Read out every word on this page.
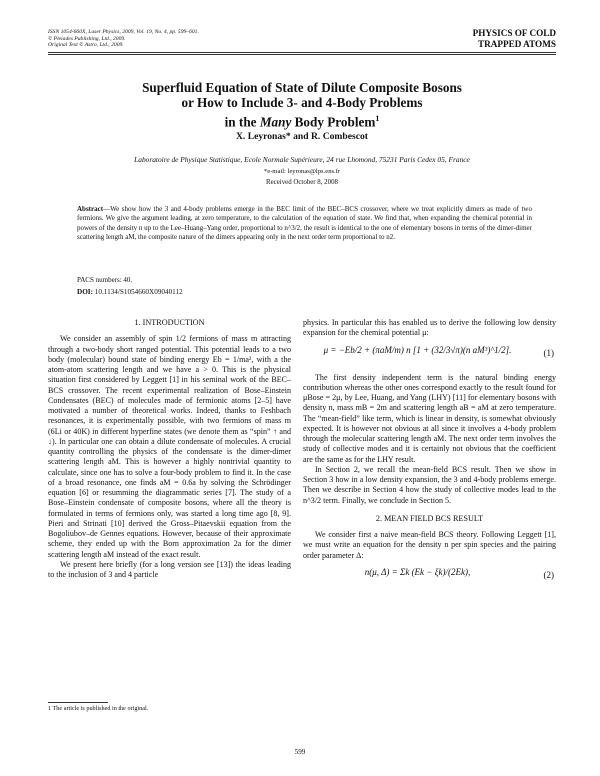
ISSN 1054-660X, Laser Physics, 2009, Vol. 19, No. 4, pp. 599–601.
© Pleiades Publishing, Ltd., 2009.
Original Text © Astro, Ltd., 2009.
PHYSICS OF COLD
TRAPPED ATOMS
Superfluid Equation of State of Dilute Composite Bosons
or How to Include 3- and 4-Body Problems
in the Many Body Problem$^1$
X. Leyronas* and R. Combescot
Laboratoire de Physique Statistique, Ecole Normale Supérieure, 24 rue Lhomond, 75231 Paris Cedex 05, France
*e-mail: leyronas@lps.ens.fr
Received October 8, 2008
Abstract—We show how the 3 and 4-body problems emerge in the BEC limit of the BEC–BCS crossover, where we treat explicitly dimers as made of two fermions. We give the argument leading, at zero temperature, to the calculation of the equation of state. We find that, when expanding the chemical potential in powers of the density n up to the Lee–Huang–Yang order, proportional to n^3/2, the result is identical to the one of elementary bosons in terms of the dimer-dimer scattering length aM, the composite nature of the dimers appearing only in the next order term proportional to n2.
PACS numbers: 40.
DOI: 10.1134/S1054660X09040112
1. INTRODUCTION

We consider an assembly of spin 1/2 fermions of mass m attracting through a two-body short ranged potential. This potential leads to a two body (molecular) bound state of binding energy Eb = 1/ma², with a the atom-atom scattering length and we have a > 0. This is the physical situation first considered by Leggett [1] in his seminal work of the BEC–BCS crossover. The recent experimental realization of Bose–Einstein Condensates (BEC) of molecules made of fermionic atoms [2–5] have motivated a number of theoretical works. Indeed, thanks to Feshbach resonances, it is experimentally possible, with two fermions of mass m (6Li or 40K) in different hyperfine states (we denote them as “spin” ↑ and ↓). In particular one can obtain a dilute condensate of molecules. A crucial quantity controlling the physics of the condensate is the dimer-dimer scattering length aM. This is however a highly nontrivial quantity to calculate, since one has to solve a four-body problem to find it. In the case of a broad resonance, one finds aM = 0.6a by solving the Schrödinger equation [6] or resumming the diagrammatic series [7]. The study of a Bose–Einstein condensate of composite bosons, where all the theory is formulated in terms of fermions only, was started a long time ago [8, 9]. Pieri and Strinati [10] derived the Gross–Pitaevskii equation from the Bogoliubov–de Gennes equations. However, because of their approximate scheme, they ended up with the Born approximation 2a for the dimer scattering length aM instead of the exact result.

We present here briefly (for a long version see [13]) the ideas leading to the inclusion of 3 and 4 particle

physics. In particular this has enabled us to derive the following low density expansion for the chemical potential μ:

μ = −Eb/2 + (πaM/m) n [1 + (32/3√π)(n aM³)^1/2].	(1)

The first density independent term is the natural binding energy contribution whereas the other ones correspond exactly to the result found for μBose = 2μ, by Lee, Huang, and Yang (LHY) [11] for elementary bosons with density n, mass mB = 2m and scattering length aB = aM at zero temperature. The “mean-field” like term, which is linear in density, is somewhat obviously expected. It is however not obvious at all since it involves a 4-body problem through the molecular scattering length aM. The next order term involves the study of collective modes and it is certainly not obvious that the coefficient are the same as for the LHY result.

In Section 2, we recall the mean-field BCS result. Then we show in Section 3 how in a low density expansion, the 3 and 4-body problems emerge. Then we describe in Section 4 how the study of collective modes lead to the n^3/2 term. Finally, we conclude in Section 5.

2. MEAN FIELD BCS RESULT

We consider first a naive mean-field BCS theory. Following Leggett [1], we must write an equation for the density n per spin species and the pairing order parameter Δ:

n(μ, Δ) = Σk (Ek − ξk)/(2Ek),	(2)
1 The article is published in the original.
599
